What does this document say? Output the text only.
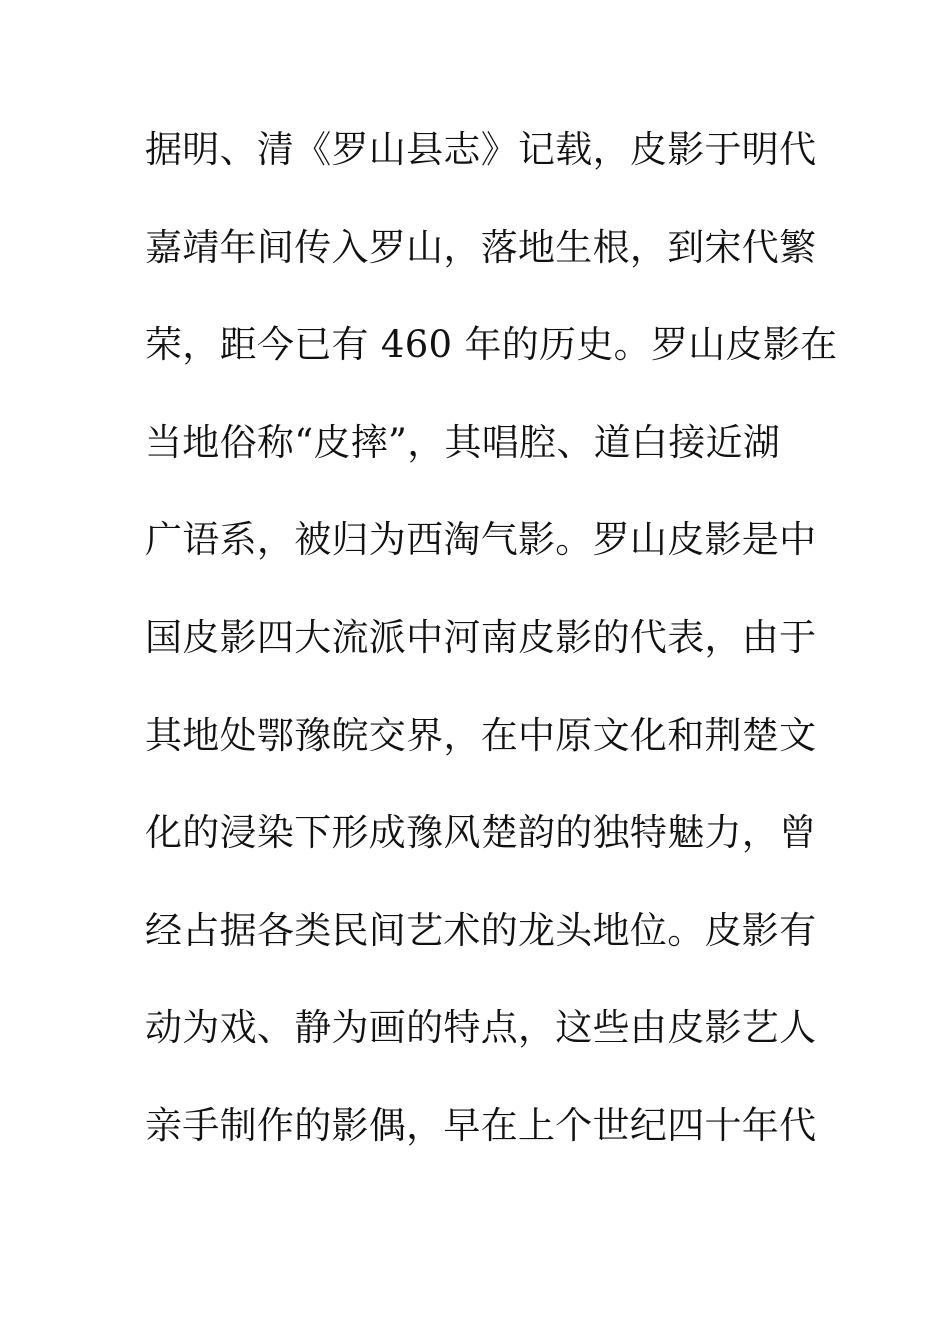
据明、清《罗山县志》记载，皮影于明代
嘉靖年间传入罗山，落地生根，到宋代繁
荣，距今已有 460 年的历史。罗山皮影在
当地俗称“皮摔”，其唱腔、道白接近湖
广语系，被归为西淘气影。罗山皮影是中
国皮影四大流派中河南皮影的代表，由于
其地处鄂豫皖交界，在中原文化和荆楚文
化的浸染下形成豫风楚韵的独特魅力，曾
经占据各类民间艺术的龙头地位。皮影有
动为戏、静为画的特点，这些由皮影艺人
亲手制作的影偶，早在上个世纪四十年代
